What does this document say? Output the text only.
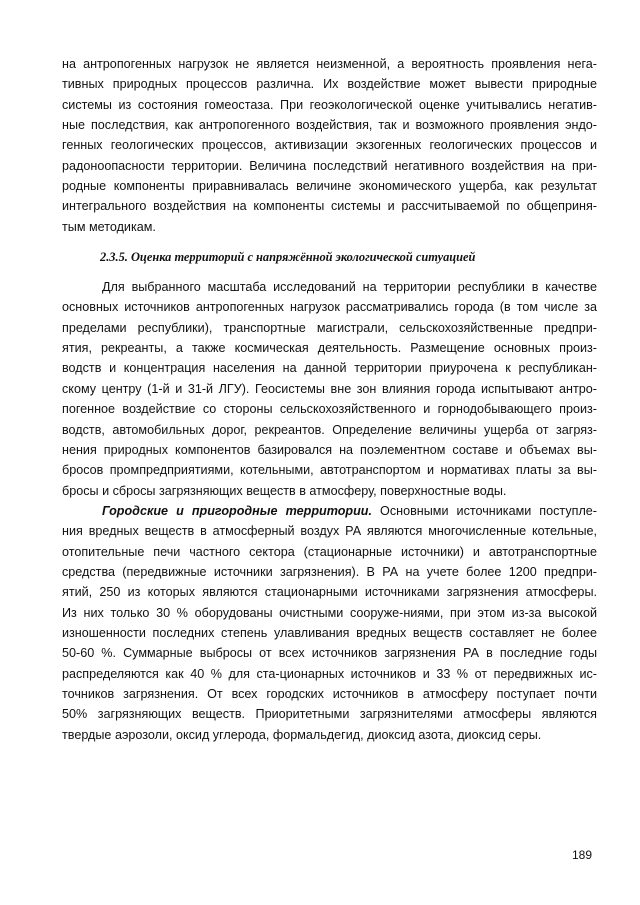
на антропогенных нагрузок не является неизменной, а вероятность проявления нега-
тивных природных процессов различна. Их воздействие может вывести природные
системы из состояния гомеостаза. При геоэкологической оценке учитывались негатив-
ные последствия, как антропогенного воздействия, так и возможного проявления эндо-
генных геологических процессов, активизации экзогенных геологических процессов и
радоноопасности территории. Величина последствий негативного воздействия на при-
родные компоненты приравнивалась величине экономического ущерба, как результат
интегрального воздействия на компоненты системы и рассчитываемой по общеприня-
тым методикам.
2.3.5. Оценка территорий с напряжённой экологической ситуацией
Для выбранного масштаба исследований на территории республики в качестве
основных источников антропогенных нагрузок рассматривались города (в том числе за
пределами республики), транспортные магистрали, сельскохозяйственные предпри-
ятия, рекреанты, а также космическая деятельность. Размещение основных произ-
водств и концентрация населения на данной территории приурочена к республикан-
скому центру (1-й и 31-й ЛГУ). Геосистемы вне зон влияния города испытывают антро-
погенное воздействие со стороны сельскохозяйственного и горнодобывающего произ-
водств, автомобильных дорог, рекреантов. Определение величины ущерба от загряз-
нения природных компонентов базировался на поэлементном составе и объемах вы-
бросов промпредприятиями, котельными, автотранспортом и нормативах платы за вы-
бросы и сбросы загрязняющих веществ в атмосферу, поверхностные воды.
Городские и пригородные территории. Основными источниками поступле-
ния вредных веществ в атмосферный воздух РА являются многочисленные котельные,
отопительные печи частного сектора (стационарные источники) и автотранспортные
средства (передвижные источники загрязнения). В РА на учете более 1200 предпри-
ятий, 250 из которых являются стационарными источниками загрязнения атмосферы.
Из них только 30 % оборудованы очистными сооруже-ниями, при этом из-за высокой
изношенности последних степень улавливания вредных веществ составляет не более
50-60 %. Суммарные выбросы от всех источников загрязнения РА в последние годы
распределяются как 40 % для ста-ционарных источников и 33 % от передвижных ис-
точников загрязнения. От всех городских источников в атмосферу поступает почти
50% загрязняющих веществ. Приоритетными загрязнителями атмосферы являются
твердые аэрозоли, оксид углерода, формальдегид, диоксид азота, диоксид серы.
189
